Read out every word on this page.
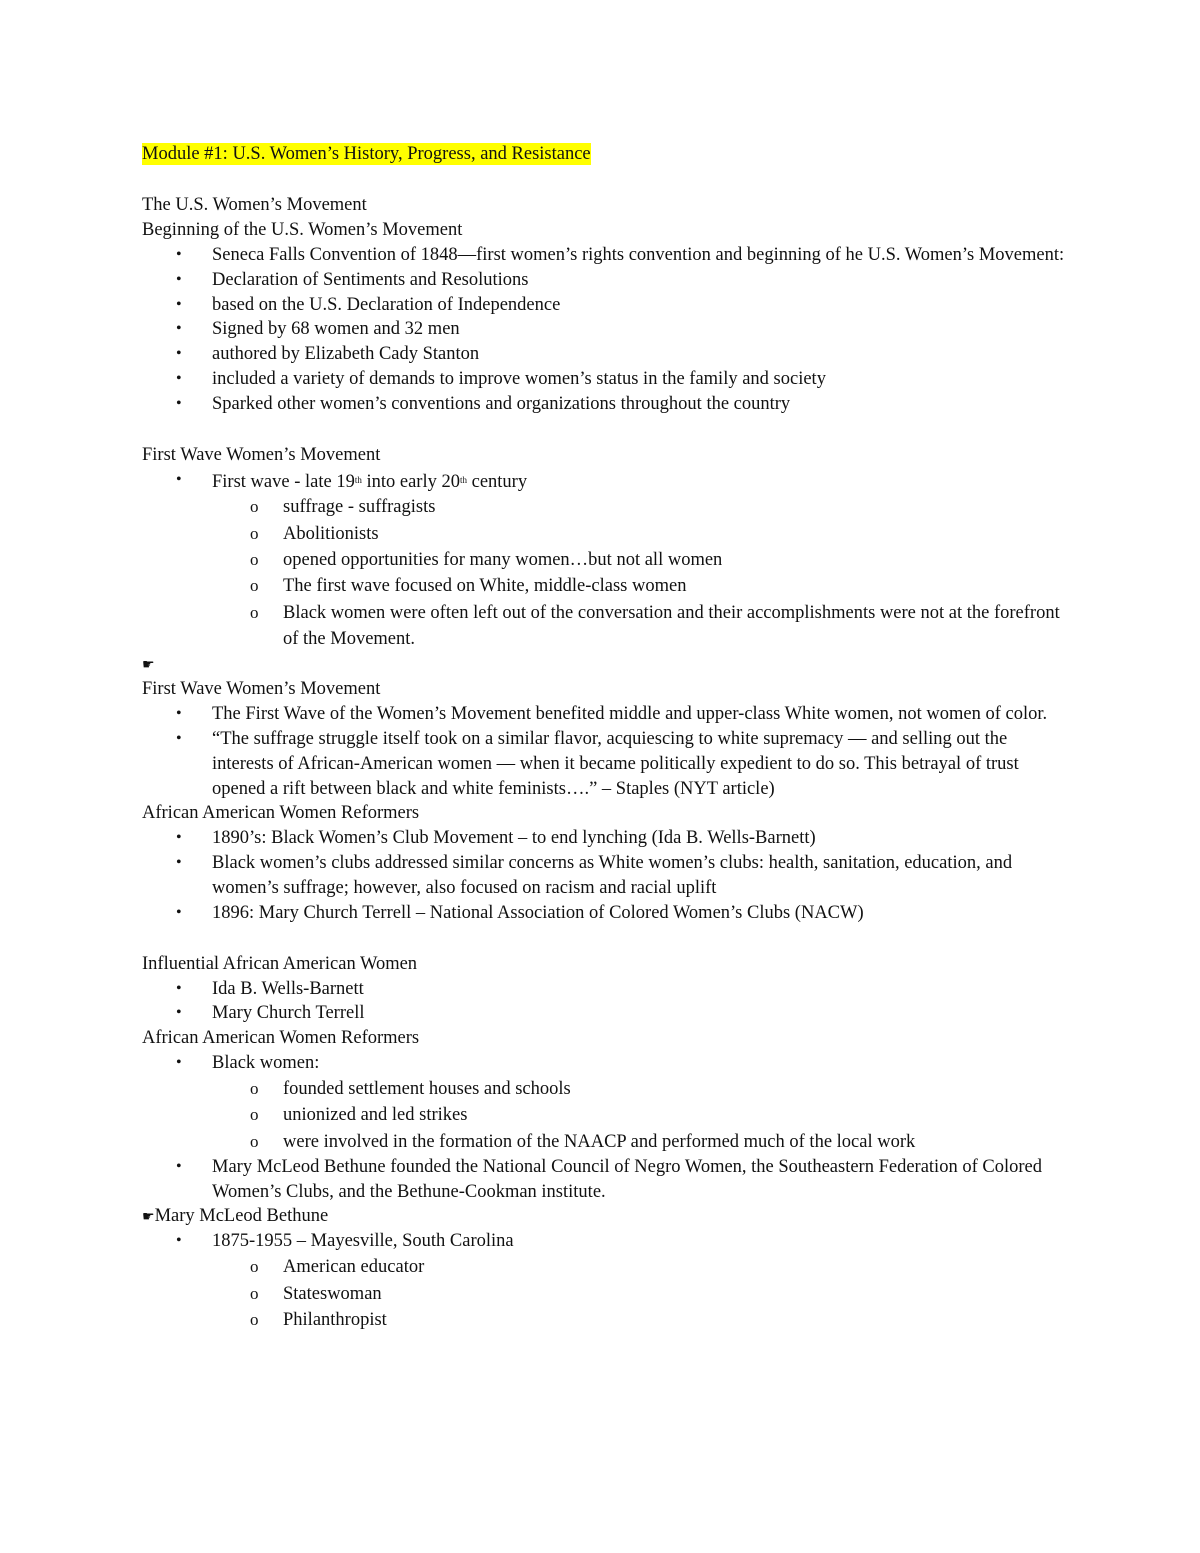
Module #1: U.S. Women’s History, Progress, and Resistance
The U.S. Women’s Movement
Beginning of the U.S. Women’s Movement
• Seneca Falls Convention of 1848—first women’s rights convention and beginning of he U.S. Women’s Movement:
• Declaration of Sentiments and Resolutions
• based on the U.S. Declaration of Independence
• Signed by 68 women and 32 men
• authored by Elizabeth Cady Stanton
• included a variety of demands to improve women’s status in the family and society
• Sparked other women’s conventions and organizations throughout the country
First Wave Women’s Movement
• First wave - late 19th into early 20th century
o suffrage - suffragists
o Abolitionists
o opened opportunities for many women…but not all women
o The first wave focused on White, middle-class women
o Black women were often left out of the conversation and their accomplishments were not at the forefront of the Movement.
☛
First Wave Women’s Movement
• The First Wave of the Women’s Movement benefited middle and upper-class White women, not women of color.
• “The suffrage struggle itself took on a similar flavor, acquiescing to white supremacy — and selling out the interests of African-American women — when it became politically expedient to do so. This betrayal of trust opened a rift between black and white feminists….” – Staples (NYT article)
African American Women Reformers
• 1890’s: Black Women’s Club Movement – to end lynching (Ida B. Wells-Barnett)
• Black women’s clubs addressed similar concerns as White women’s clubs: health, sanitation, education, and women’s suffrage; however, also focused on racism and racial uplift
• 1896: Mary Church Terrell – National Association of Colored Women’s Clubs (NACW)
Influential African American Women
• Ida B. Wells-Barnett
• Mary Church Terrell
African American Women Reformers
• Black women:
o founded settlement houses and schools
o unionized and led strikes
o were involved in the formation of the NAACP and performed much of the local work
• Mary McLeod Bethune founded the National Council of Negro Women, the Southeastern Federation of Colored Women’s Clubs, and the Bethune-Cookman institute.
☛Mary McLeod Bethune
• 1875-1955 – Mayesville, South Carolina
o American educator
o Stateswoman
o Philanthropist
